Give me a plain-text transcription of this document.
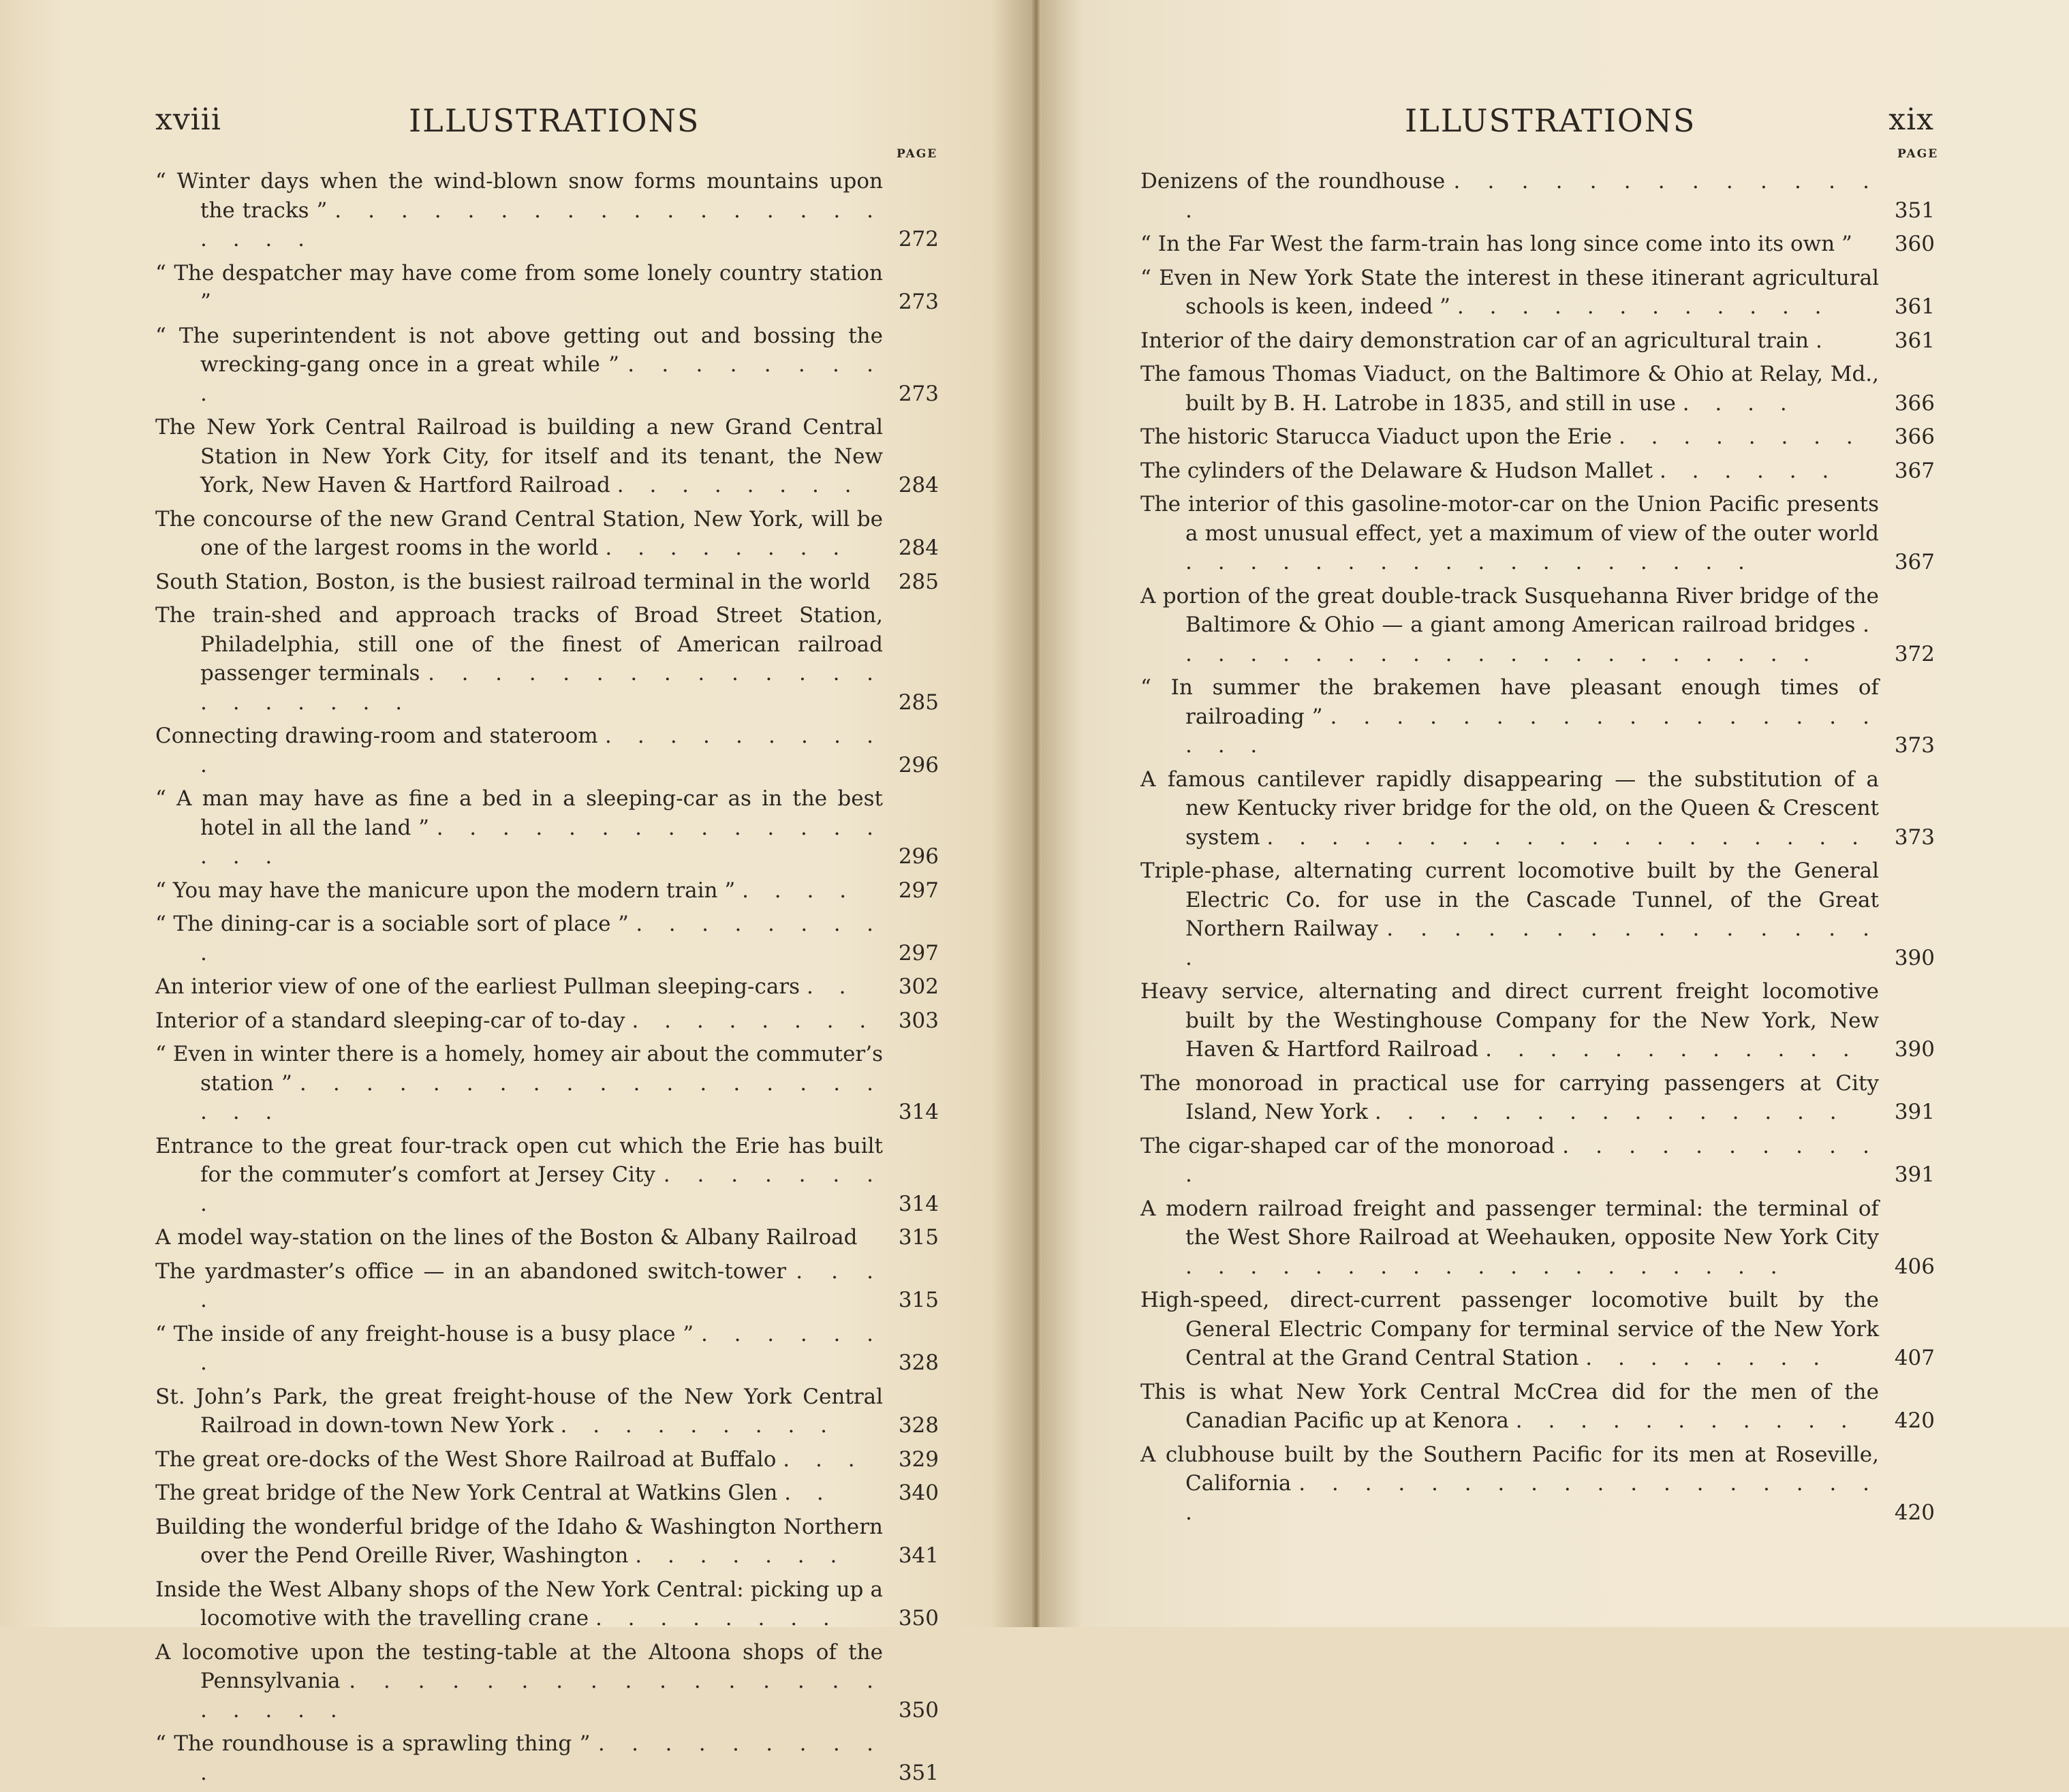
xviii	ILLUSTRATIONS
PAGE
“ Winter days when the wind-blown snow forms mountains upon the tracks ” . . . . . . . . . . . . . . . . . . . . .	272
“ The despatcher may have come from some lonely country station ”	273
“ The superintendent is not above getting out and bossing the wrecking-gang once in a great while ” . . . . . . . . .	273
The New York Central Railroad is building a new Grand Central Station in New York City, for itself and its tenant, the New York, New Haven & Hartford Railroad . . . . . . . .	284
The concourse of the new Grand Central Station, New York, will be one of the largest rooms in the world . . . . . . . .	284
South Station, Boston, is the busiest railroad terminal in the world	285
The train-shed and approach tracks of Broad Street Station, Philadelphia, still one of the finest of American railroad passenger terminals . . . . . . . . . . . . . . . . . . . . .	285
Connecting drawing-room and stateroom . . . . . . . . . .	296
“ A man may have as fine a bed in a sleeping-car as in the best hotel in all the land ” . . . . . . . . . . . . . . . . .	296
“ You may have the manicure upon the modern train ” . . . .	297
“ The dining-car is a sociable sort of place ” . . . . . . . . .	297
An interior view of one of the earliest Pullman sleeping-cars . .	302
Interior of a standard sleeping-car of to-day . . . . . . . .	303
“ Even in winter there is a homely, homey air about the commuter’s station ” . . . . . . . . . . . . . . . . . . . . .	314
Entrance to the great four-track open cut which the Erie has built for the commuter’s comfort at Jersey City . . . . . . . .	314
A model way-station on the lines of the Boston & Albany Railroad	315
The yardmaster’s office — in an abandoned switch-tower . . . .	315
“ The inside of any freight-house is a busy place ” . . . . . . .	328
St. John’s Park, the great freight-house of the New York Central Railroad in down-town New York . . . . . . . . .	328
The great ore-docks of the West Shore Railroad at Buffalo . . .	329
The great bridge of the New York Central at Watkins Glen . .	340
Building the wonderful bridge of the Idaho & Washington Northern over the Pend Oreille River, Washington . . . . . . .	341
Inside the West Albany shops of the New York Central: picking up a locomotive with the travelling crane . . . . . . . .	350
A locomotive upon the testing-table at the Altoona shops of the Pennsylvania . . . . . . . . . . . . . . . . . . . . .	350
“ The roundhouse is a sprawling thing ” . . . . . . . . . .	351
ILLUSTRATIONS	xix
PAGE
Denizens of the roundhouse . . . . . . . . . . . . . .	351
“ In the Far West the farm-train has long since come into its own ”	360
“ Even in New York State the interest in these itinerant agricultural schools is keen, indeed ” . . . . . . . . . . . .	361
Interior of the dairy demonstration car of an agricultural train .	361
The famous Thomas Viaduct, on the Baltimore & Ohio at Relay, Md., built by B. H. Latrobe in 1835, and still in use . . . .	366
The historic Starucca Viaduct upon the Erie . . . . . . . .	366
The cylinders of the Delaware & Hudson Mallet . . . . . .	367
The interior of this gasoline-motor-car on the Union Pacific presents a most unusual effect, yet a maximum of view of the outer world . . . . . . . . . . . . . . . . . .	367
A portion of the great double-track Susquehanna River bridge of the Baltimore & Ohio — a giant among American railroad bridges . . . . . . . . . . . . . . . . . . . . .	372
“ In summer the brakemen have pleasant enough times of railroading ” . . . . . . . . . . . . . . . . . . . .	373
A famous cantilever rapidly disappearing — the substitution of a new Kentucky river bridge for the old, on the Queen & Crescent system . . . . . . . . . . . . . . . . . . .	373
Triple-phase, alternating current locomotive built by the General Electric Co. for use in the Cascade Tunnel, of the Great Northern Railway . . . . . . . . . . . . . . . .	390
Heavy service, alternating and direct current freight locomotive built by the Westinghouse Company for the New York, New Haven & Hartford Railroad . . . . . . . . . . . .	390
The monoroad in practical use for carrying passengers at City Island, New York . . . . . . . . . . . . . . .	391
The cigar-shaped car of the monoroad . . . . . . . . . . .	391
A modern railroad freight and passenger terminal: the terminal of the West Shore Railroad at Weehauken, opposite New York City . . . . . . . . . . . . . . . . . . .	406
High-speed, direct-current passenger locomotive built by the General Electric Company for terminal service of the New York Central at the Grand Central Station . . . . . . . .	407
This is what New York Central McCrea did for the men of the Canadian Pacific up at Kenora . . . . . . . . . . .	420
A clubhouse built by the Southern Pacific for its men at Roseville, California . . . . . . . . . . . . . . . . . . .	420
